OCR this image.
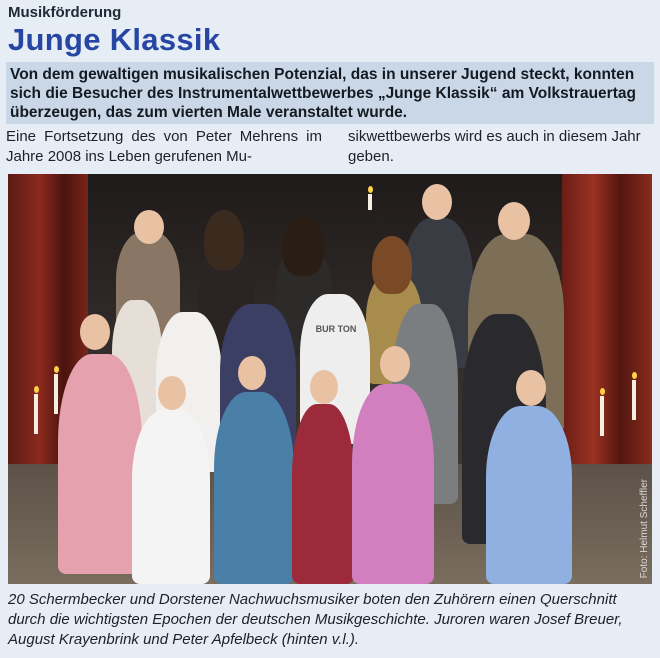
Musikförderung
Junge Klassik
Von dem gewaltigen musikalischen Potenzial, das in unserer Jugend steckt, konnten sich die Besucher des Instrumentalwettbewerbes „Junge Klassik“ am Volkstrauertag überzeugen, das zum vierten Male veranstaltet wurde.
Eine Fortsetzung des von Peter Mehrens im Jahre 2008 ins Leben gerufenen Mu-
sikwettbewerbs wird es auch in diesem Jahr geben.
BUR TON
Foto: Helmut Scheffler
20 Schermbecker und Dorstener Nachwuchsmusiker boten den Zuhörern einen Querschnitt durch die wichtigsten Epochen der deutschen Musikgeschichte. Juroren waren Josef Breuer, August Krayenbrink und Peter Apfelbeck (hinten v.l.).
